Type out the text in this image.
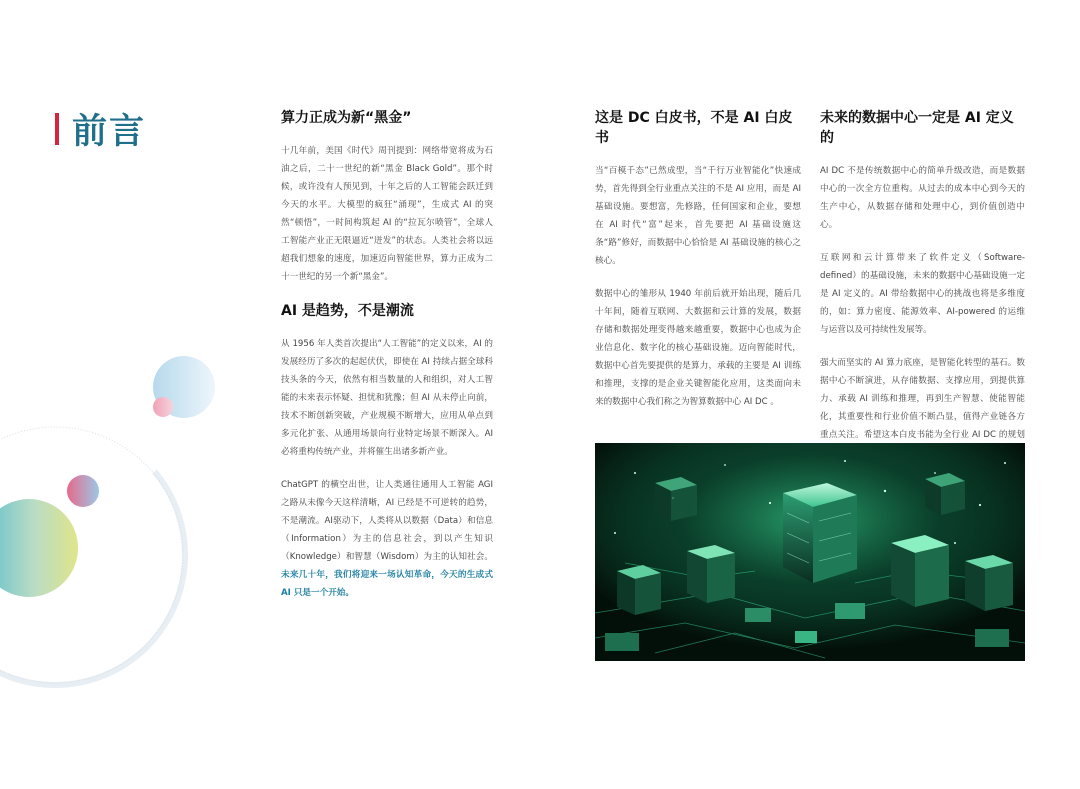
前言	算力正成为新“黑金”

十几年前，美国《时代》周刊提到：网络带宽将成为石油之后，二十一世纪的新“黑金 Black Gold”。那个时候，或许没有人预见到，十年之后的人工智能会跃迁到今天的水平。大模型的疯狂“涌现”，生成式 AI 的突然“顿悟”，一时间构筑起 AI 的“拉瓦尔喷管”，全球人工智能产业正无限逼近“迸发”的状态。人类社会将以远超我们想象的速度，加速迈向智能世界，算力正成为二十一世纪的另一个新“黑金”。

AI 是趋势，不是潮流

从 1956 年人类首次提出“人工智能”的定义以来，AI 的发展经历了多次的起起伏伏，即使在 AI 持续占据全球科技头条的今天，依然有相当数量的人和组织，对人工智能的未来表示怀疑、担忧和犹豫；但 AI 从未停止向前，技术不断创新突破，产业规模不断增大，应用从单点到多元化扩张、从通用场景向行业特定场景不断深入。AI 必将重构传统产业，并将催生出诸多新产业。

ChatGPT 的横空出世，让人类通往通用人工智能 AGI 之路从未像今天这样清晰，AI 已经是不可逆转的趋势，不是潮流。AI驱动下，人类将从以数据（Data）和信息（Information）为主的信息社会，到以产生知识（Knowledge）和智慧（Wisdom）为主的认知社会。未来几十年，我们将迎来一场认知革命，今天的生成式 AI 只是一个开始。

这是 DC 白皮书，不是 AI 白皮书

当“百模千态”已然成型，当“千行万业智能化”快速成势，首先得到全行业重点关注的不是 AI 应用，而是 AI 基础设施。要想富，先修路，任何国家和企业，要想在 AI 时代“富”起来，首先要把 AI 基础设施这条“路”修好，而数据中心恰恰是 AI 基础设施的核心之核心。

数据中心的雏形从 1940 年前后就开始出现，随后几十年间，随着互联网、大数据和云计算的发展，数据存储和数据处理变得越来越重要，数据中心也成为企业信息化、数字化的核心基础设施。迈向智能时代，数据中心首先要提供的是算力，承载的主要是 AI 训练和推理，支撑的是企业关键智能化应用，这类面向未来的数据中心我们称之为智算数据中心 AI DC 。

未来的数据中心一定是 AI 定义的

AI DC 不是传统数据中心的简单升级改造，而是数据中心的一次全方位重构。从过去的成本中心到今天的生产中心，从数据存储和处理中心，到价值创造中心。

互联网和云计算带来了软件定义（Software-defined）的基础设施，未来的数据中心基础设施一定是 AI 定义的。AI 带给数据中心的挑战也将是多维度的，如：算力密度、能源效率、AI-powered 的运维与运营以及可持续性发展等。

强大而坚实的 AI 算力底座，是智能化转型的基石。数据中心不断演进，从存储数据、支撑应用，到提供算力、承载 AI 训练和推理，再到生产智慧、使能智能化，其重要性和行业价值不断凸显，值得产业链各方重点关注。希望这本白皮书能为全行业 AI DC 的规划
